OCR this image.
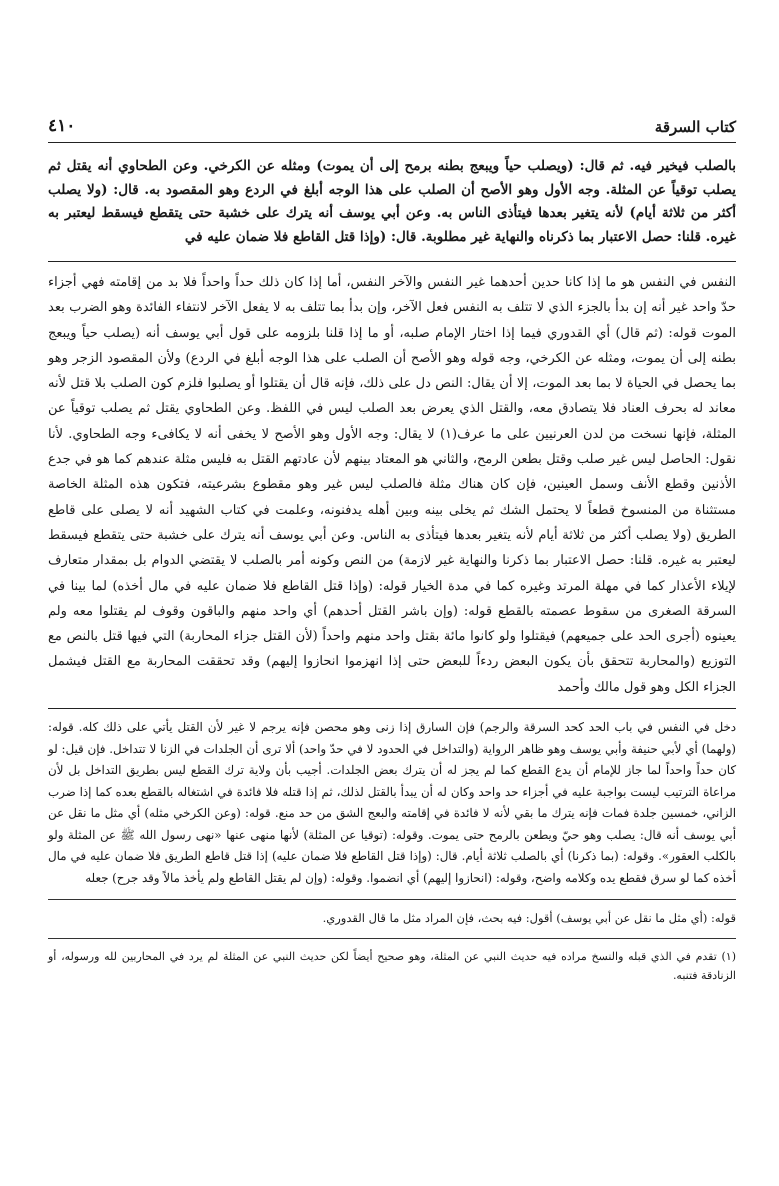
كتاب السرقة
٤١٠

بالصلب فيخير فيه. ثم قال: (ويصلب حياً ويبعج بطنه برمح إلى أن يموت) ومثله عن الكرخي. وعن الطحاوي أنه يقتل ثم يصلب توقياً عن المثلة. وجه الأول وهو الأصح أن الصلب على هذا الوجه أبلغ في الردع وهو المقصود به. قال: (ولا يصلب أكثر من ثلاثة أيام) لأنه يتغير بعدها فيتأذى الناس به. وعن أبي يوسف أنه يترك على خشبة حتى يتقطع فيسقط ليعتبر به غيره. قلنا: حصل الاعتبار بما ذكرناه والنهاية غير مطلوبة. قال: (وإذا قتل القاطع فلا ضمان عليه في

النفس في النفس هو ما إذا كانا حدين أحدهما غير النفس والآخر النفس، أما إذا كان ذلك حداً واحداً فلا بد من إقامته فهي أجزاء حدّ واحد غير أنه إن بدأ بالجزء الذي لا تتلف به النفس فعل الآخر، وإن بدأ بما تتلف به لا يفعل الآخر لانتفاء الفائدة وهو الضرب بعد الموت قوله: (ثم قال) أي القدوري فيما إذا اختار الإمام صلبه، أو ما إذا قلنا بلزومه على قول أبي يوسف أنه (يصلب حياً ويبعج بطنه إلى أن يموت، ومثله عن الكرخي، وجه قوله وهو الأصح أن الصلب على هذا الوجه أبلغ في الردع) ولأن المقصود الزجر وهو بما يحصل في الحياة لا بما بعد الموت، إلا أن يقال: النص دل على ذلك، فإنه قال أن يقتلوا أو يصلبوا فلزم كون الصلب بلا قتل لأنه معاند له بحرف العناد فلا يتصادق معه، والقتل الذي يعرض بعد الصلب ليس في اللفظ. وعن الطحاوي يقتل ثم يصلب توقياً عن المثلة، فإنها نسخت من لدن العرنيين على ما عرف(١) لا يقال: وجه الأول وهو الأصح لا يخفى أنه لا يكافىء وجه الطحاوي. لأنا نقول: الحاصل ليس غير صلب وقتل بطعن الرمح، والثاني هو المعتاد بينهم لأن عادتهم القتل به فليس مثلة عندهم كما هو في جدع الأذنين وقطع الأنف وسمل العينين، فإن كان هناك مثلة فالصلب ليس غير وهو مقطوع بشرعيته، فتكون هذه المثلة الخاصة مستثناة من المنسوخ قطعاً لا يحتمل الشك ثم يخلى بينه وبين أهله يدفنونه، وعلمت في كتاب الشهيد أنه لا يصلى على قاطع الطريق (ولا يصلب أكثر من ثلاثة أيام لأنه يتغير بعدها فيتأذى به الناس. وعن أبي يوسف أنه يترك على خشبة حتى يتقطع فيسقط ليعتبر به غيره. قلنا: حصل الاعتبار بما ذكرنا والنهاية غير لازمة) من النص وكونه أمر بالصلب لا يقتضي الدوام بل بمقدار متعارف لإيلاء الأعذار كما في مهلة المرتد وغيره كما في مدة الخيار قوله: (وإذا قتل القاطع فلا ضمان عليه في مال أخذه) لما بينا في السرقة الصغرى من سقوط عصمته بالقطع قوله: (وإن باشر القتل أحدهم) أي واحد منهم والباقون وقوف لم يقتلوا معه ولم يعينوه (أجرى الحد على جميعهم) فيقتلوا ولو كانوا مائة بقتل واحد منهم واحداً (لأن القتل جزاء المحاربة) التي فيها قتل بالنص مع التوزيع (والمحاربة تتحقق بأن يكون البعض ردءاً للبعض حتى إذا انهزموا انحازوا إليهم) وقد تحققت المحاربة مع القتل فيشمل الجزاء الكل وهو قول مالك وأحمد

دخل في النفس في باب الحد كحد السرقة والرجم) فإن السارق إذا زنى وهو محصن فإنه يرجم لا غير لأن القتل يأتي على ذلك كله. قوله: (ولهما) أي لأبي حنيفة وأبي يوسف وهو ظاهر الرواية (والتداخل في الحدود لا في حدّ واحد) ألا ترى أن الجلدات في الزنا لا تتداخل. فإن قيل: لو كان حداً واحداً لما جاز للإمام أن يدع القطع كما لم يجز له أن يترك بعض الجلدات. أجيب بأن ولاية ترك القطع ليس بطريق التداخل بل لأن مراعاة الترتيب ليست بواجبة عليه في أجزاء حد واحد وكان له أن يبدأ بالقتل لذلك، ثم إذا قتله فلا فائدة في اشتغاله بالقطع بعده كما إذا ضرب الزاني، خمسين جلدة فمات فإنه يترك ما بقي لأنه لا فائدة في إقامته والبعج الشق من حد منع. قوله: (وعن الكرخي مثله) أي مثل ما نقل عن أبي يوسف أنه قال: يصلب وهو حيّ ويطعن بالرمح حتى يموت. وقوله: (توقيا عن المثلة) لأنها منهى عنها «نهى رسول الله ﷺ عن المثلة ولو بالكلب العقور». وقوله: (بما ذكرنا) أي بالصلب ثلاثة أيام. قال: (وإذا قتل القاطع فلا ضمان عليه) إذا قتل قاطع الطريق فلا ضمان عليه في مال أخذه كما لو سرق فقطع يده وكلامه واضح، وقوله: (انحازوا إليهم) أي انضموا. وقوله: (وإن لم يقتل القاطع ولم يأخذ مالاً وقد جرح) جعله

قوله: (أي مثل ما نقل عن أبي يوسف) أقول: فيه بحث، فإن المراد مثل ما قال القدوري.

(١) تقدم في الذي قبله والنسخ مراده فيه حديث النبي عن المثلة، وهو صحيح أيضاً لكن حديث النبي عن المثلة لم يرد في المحاربين لله ورسوله، أو الزنادقة فتنبه.
